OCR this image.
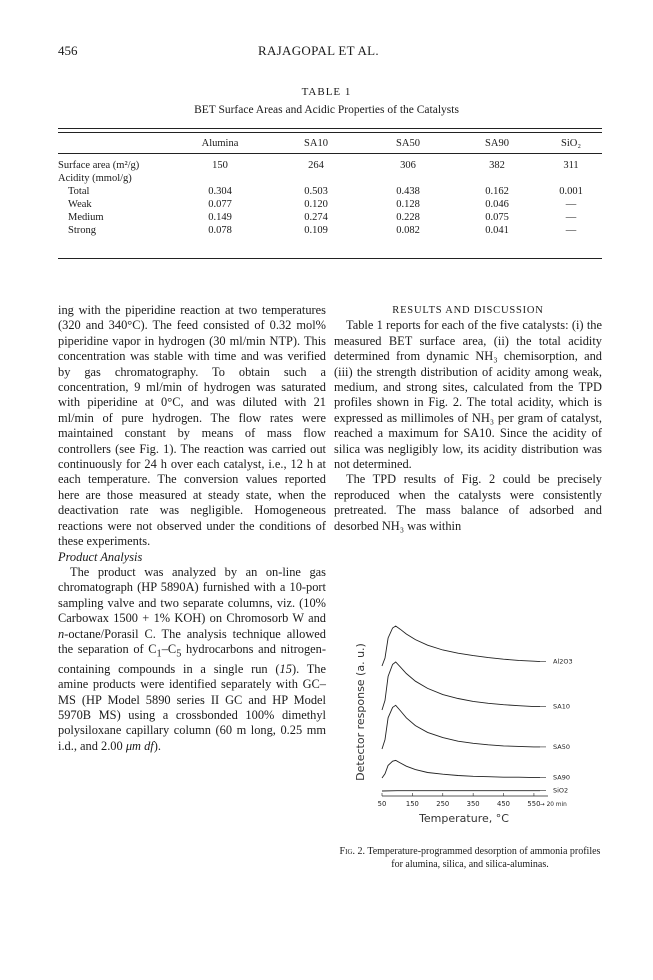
456	RAJAGOPAL ET AL.
TABLE 1
BET Surface Areas and Acidic Properties of the Catalysts
	Alumina	SA10	SA50	SA90	SiO₂
Surface area (m²/g)	150	264	306	382	311
Acidity (mmol/g)					
Total	0.304	0.503	0.438	0.162	0.001
Weak	0.077	0.120	0.128	0.046	—
Medium	0.149	0.274	0.228	0.075	—
Strong	0.078	0.109	0.082	0.041	—

ing with the piperidine reaction at two temperatures (320 and 340°C). The feed consisted of 0.32 mol% piperidine vapor in hydrogen (30 ml/min NTP). This concentration was stable with time and was verified by gas chromatography. To obtain such a concentration, 9 ml/min of hydrogen was saturated with piperidine at 0°C, and was diluted with 21 ml/min of pure hydrogen. The flow rates were maintained constant by means of mass flow controllers (see Fig. 1). The reaction was carried out continuously for 24 h over each catalyst, i.e., 12 h at each temperature. The conversion values reported here are those measured at steady state, when the deactivation rate was negligible. Homogeneous reactions were not observed under the conditions of these experiments.

Product Analysis

The product was analyzed by an on-line gas chromatograph (HP 5890A) furnished with a 10-port sampling valve and two separate columns, viz. (10% Carbowax 1500 + 1% KOH) on Chromosorb W and n-octane/Porasil C. The analysis technique allowed the separation of $C_1-C_5$ hydrocarbons and nitrogen-containing compounds in a single run (15). The amine products were identified separately with GC–MS (HP Model 5890 series II GC and HP Model 5970B MS) using a crossbonded 100% dimethyl polysiloxane capillary column (60 m long, 0.25 mm i.d., and 2.00 μm df).

RESULTS AND DISCUSSION

Table 1 reports for each of the five catalysts: (i) the measured BET surface area, (ii) the total acidity determined from dynamic NH₃ chemisorption, and (iii) the strength distribution of acidity among weak, medium, and strong sites, calculated from the TPD profiles shown in Fig. 2. The total acidity, which is expressed as millimoles of NH₃ per gram of catalyst, reached a maximum for SA10. Since the acidity of silica was negligibly low, its acidity distribution was not determined.

The TPD results of Fig. 2 could be precisely reproduced when the catalysts were consistently pretreated. The mass balance of adsorbed and desorbed NH₃ was within

Al2O3
SA10
SA50
SA90
SiO2
50	150	250	350	450	550 → 20 min
Temperature, °C
Detector response (a. u.)
Fig. 2. Temperature-programmed desorption of ammonia profiles for alumina, silica, and silica-aluminas.
